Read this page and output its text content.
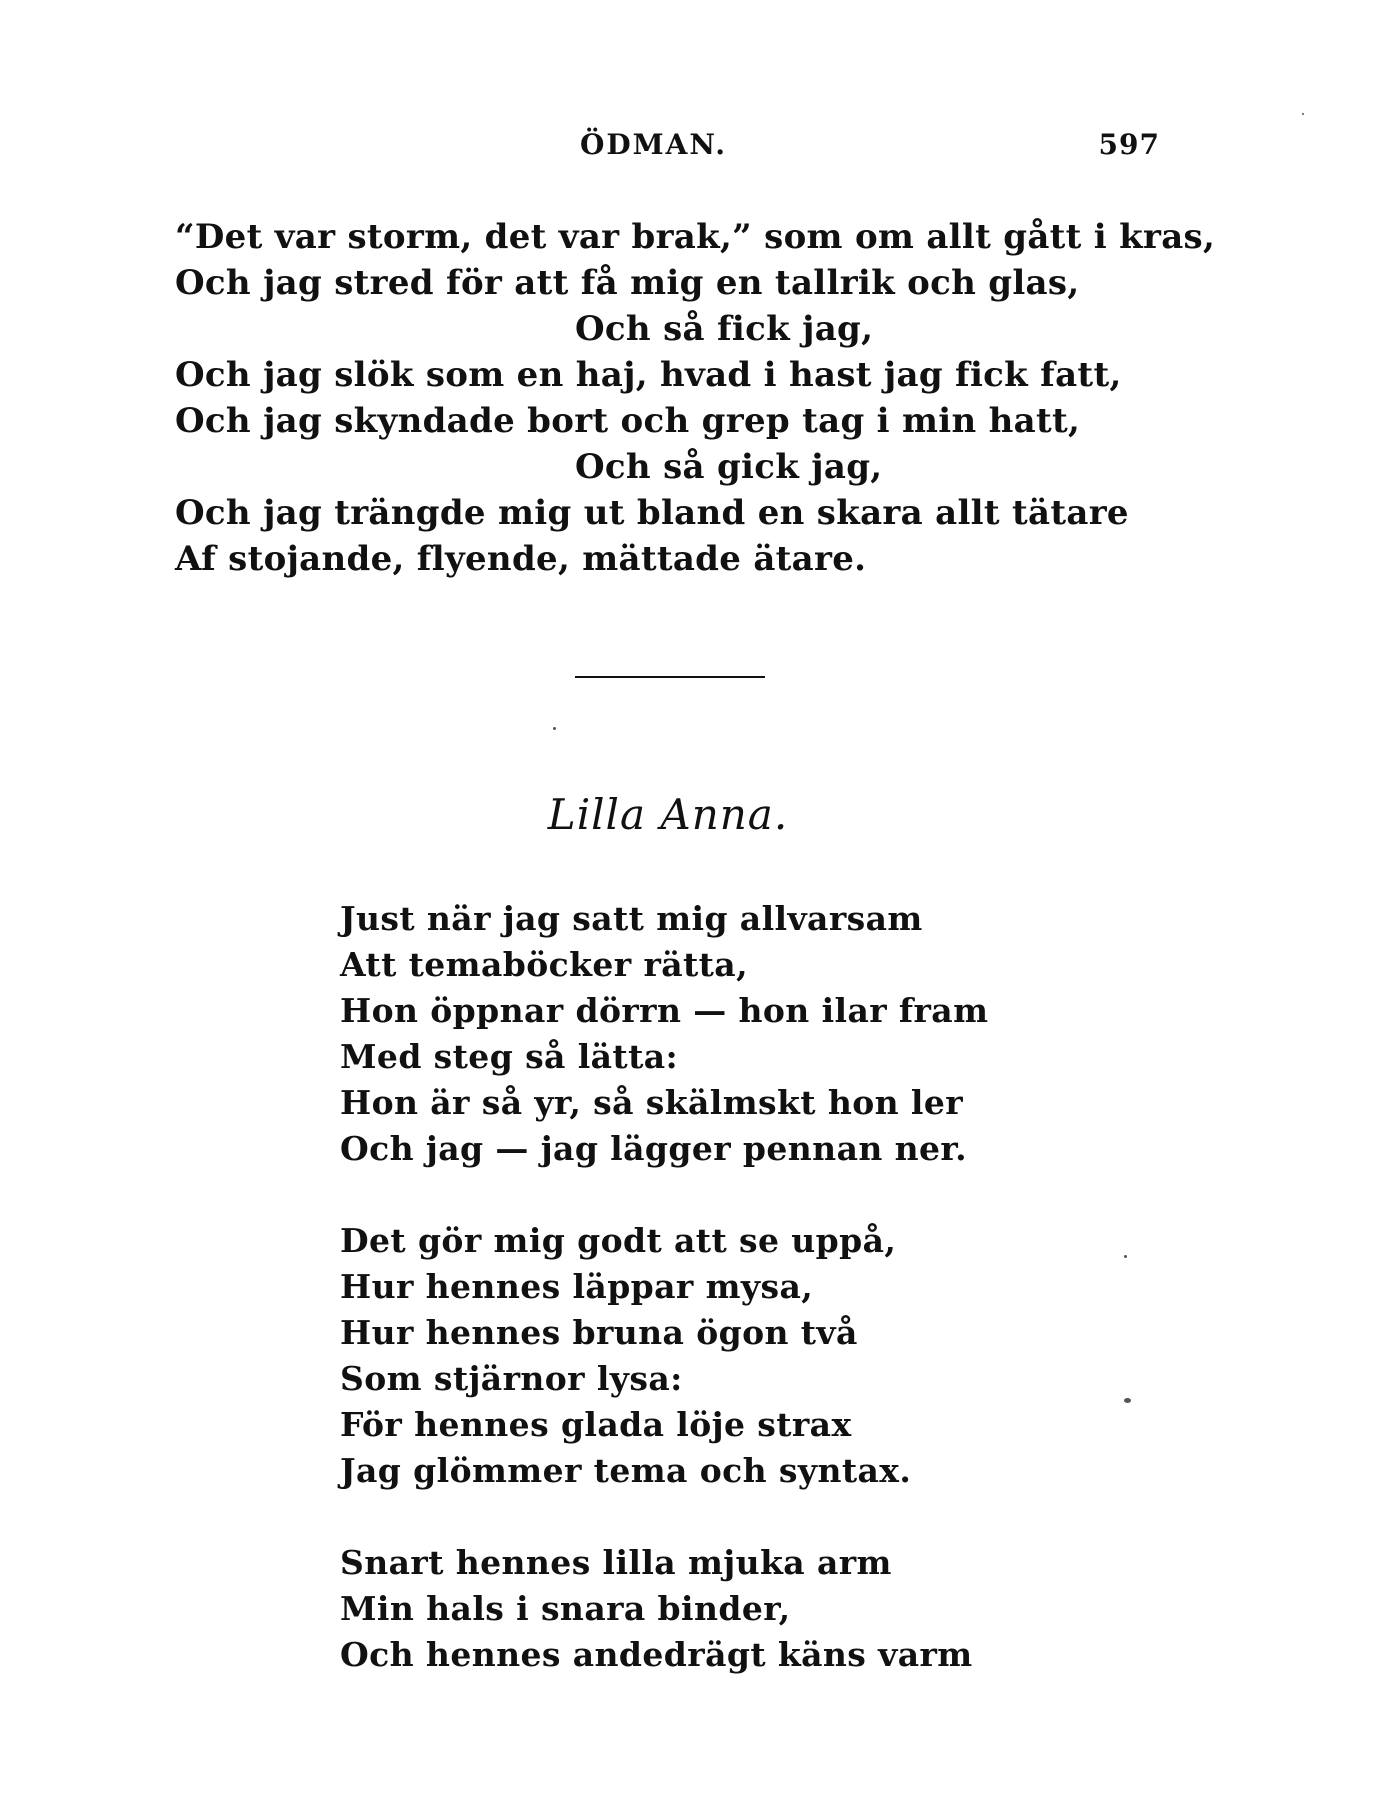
ÖDMAN.	597
“Det var storm, det var brak,” som om allt gått i kras,
Och jag stred för att få mig en tallrik och glas,
Och så fick jag,
Och jag slök som en haj, hvad i hast jag fick fatt,
Och jag skyndade bort och grep tag i min hatt,
Och så gick jag,
Och jag trängde mig ut bland en skara allt tätare
Af stojande, flyende, mättade ätare.
Lilla Anna.
Just när jag satt mig allvarsam
Att temaböcker rätta,
Hon öppnar dörrn — hon ilar fram
Med steg så lätta:
Hon är så yr, så skälmskt hon ler
Och jag — jag lägger pennan ner.
Det gör mig godt att se uppå,
Hur hennes läppar mysa,
Hur hennes bruna ögon två
Som stjärnor lysa:
För hennes glada löje strax
Jag glömmer tema och syntax.
Snart hennes lilla mjuka arm
Min hals i snara binder,
Och hennes andedrägt käns varm
